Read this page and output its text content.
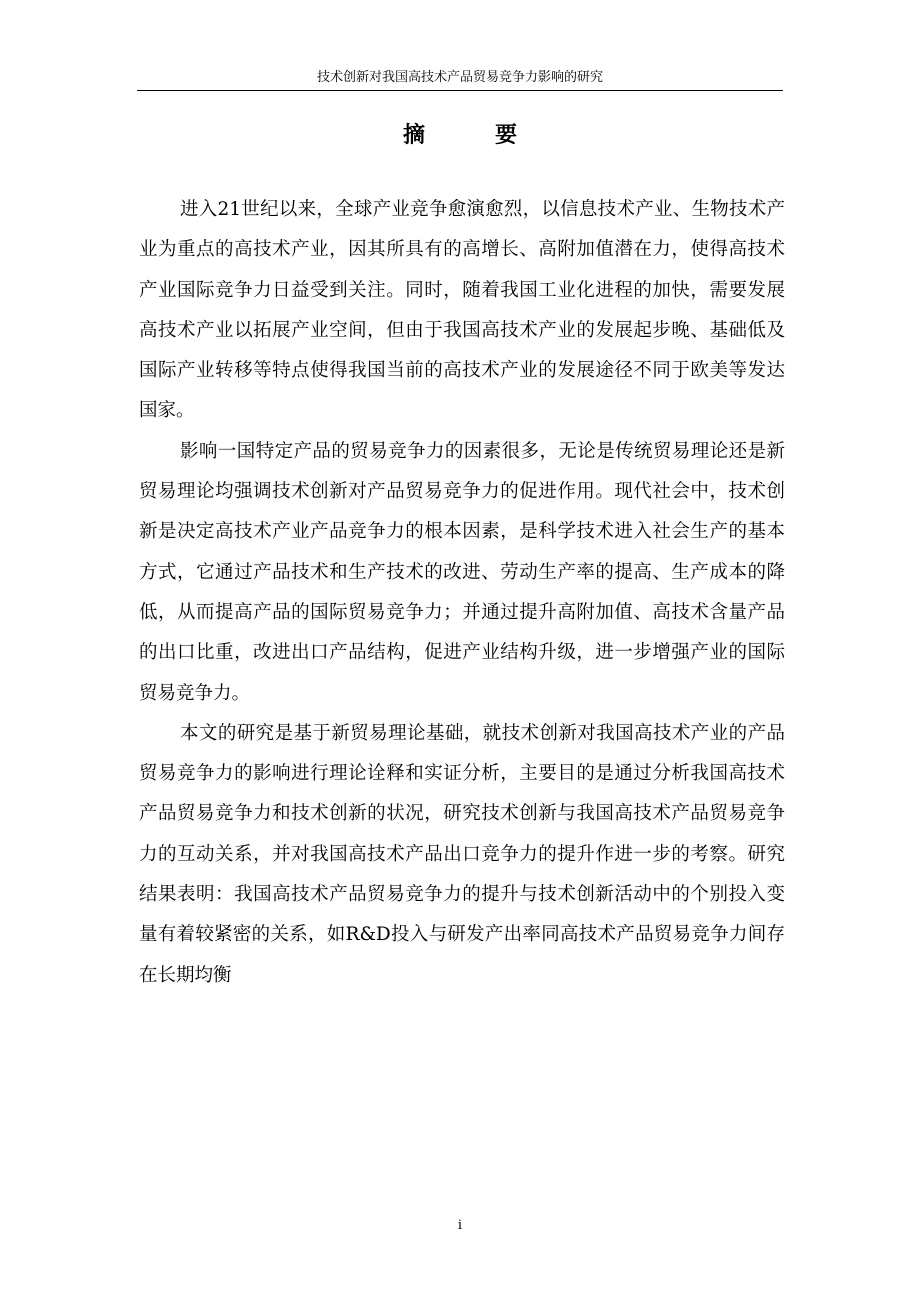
技术创新对我国高技术产品贸易竞争力影响的研究
摘　要

进入21世纪以来，全球产业竞争愈演愈烈，以信息技术产业、生物技术产业为重点的高技术产业，因其所具有的高增长、高附加值潜在力，使得高技术产业国际竞争力日益受到关注。同时，随着我国工业化进程的加快，需要发展高技术产业以拓展产业空间，但由于我国高技术产业的发展起步晚、基础低及国际产业转移等特点使得我国当前的高技术产业的发展途径不同于欧美等发达国家。

影响一国特定产品的贸易竞争力的因素很多，无论是传统贸易理论还是新贸易理论均强调技术创新对产品贸易竞争力的促进作用。现代社会中，技术创新是决定高技术产业产品竞争力的根本因素，是科学技术进入社会生产的基本方式，它通过产品技术和生产技术的改进、劳动生产率的提高、生产成本的降低，从而提高产品的国际贸易竞争力；并通过提升高附加值、高技术含量产品的出口比重，改进出口产品结构，促进产业结构升级，进一步增强产业的国际贸易竞争力。

本文的研究是基于新贸易理论基础，就技术创新对我国高技术产业的产品贸易竞争力的影响进行理论诠释和实证分析，主要目的是通过分析我国高技术产品贸易竞争力和技术创新的状况，研究技术创新与我国高技术产品贸易竞争力的互动关系，并对我国高技术产品出口竞争力的提升作进一步的考察。研究结果表明：我国高技术产品贸易竞争力的提升与技术创新活动中的个别投入变量有着较紧密的关系，如R&D投入与研发产出率同高技术产品贸易竞争力间存在长期均衡

i
